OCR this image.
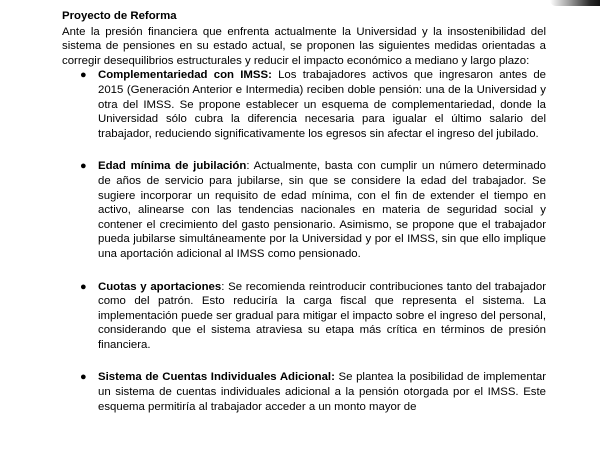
Proyecto de Reforma

Ante la presión financiera que enfrenta actualmente la Universidad y la insostenibilidad del sistema de pensiones en su estado actual, se proponen las siguientes medidas orientadas a corregir desequilibrios estructurales y reducir el impacto económico a mediano y largo plazo:

● Complementariedad con IMSS: Los trabajadores activos que ingresaron antes de 2015 (Generación Anterior e Intermedia) reciben doble pensión: una de la Universidad y otra del IMSS. Se propone establecer un esquema de complementariedad, donde la Universidad sólo cubra la diferencia necesaria para igualar el último salario del trabajador, reduciendo significativamente los egresos sin afectar el ingreso del jubilado.

● Edad mínima de jubilación: Actualmente, basta con cumplir un número determinado de años de servicio para jubilarse, sin que se considere la edad del trabajador. Se sugiere incorporar un requisito de edad mínima, con el fin de extender el tiempo en activo, alinearse con las tendencias nacionales en materia de seguridad social y contener el crecimiento del gasto pensionario. Asimismo, se propone que el trabajador pueda jubilarse simultáneamente por la Universidad y por el IMSS, sin que ello implique una aportación adicional al IMSS como pensionado.

● Cuotas y aportaciones: Se recomienda reintroducir contribuciones tanto del trabajador como del patrón. Esto reduciría la carga fiscal que representa el sistema. La implementación puede ser gradual para mitigar el impacto sobre el ingreso del personal, considerando que el sistema atraviesa su etapa más crítica en términos de presión financiera.

● Sistema de Cuentas Individuales Adicional: Se plantea la posibilidad de implementar un sistema de cuentas individuales adicional a la pensión otorgada por el IMSS. Este esquema permitiría al trabajador acceder a un monto mayor de
